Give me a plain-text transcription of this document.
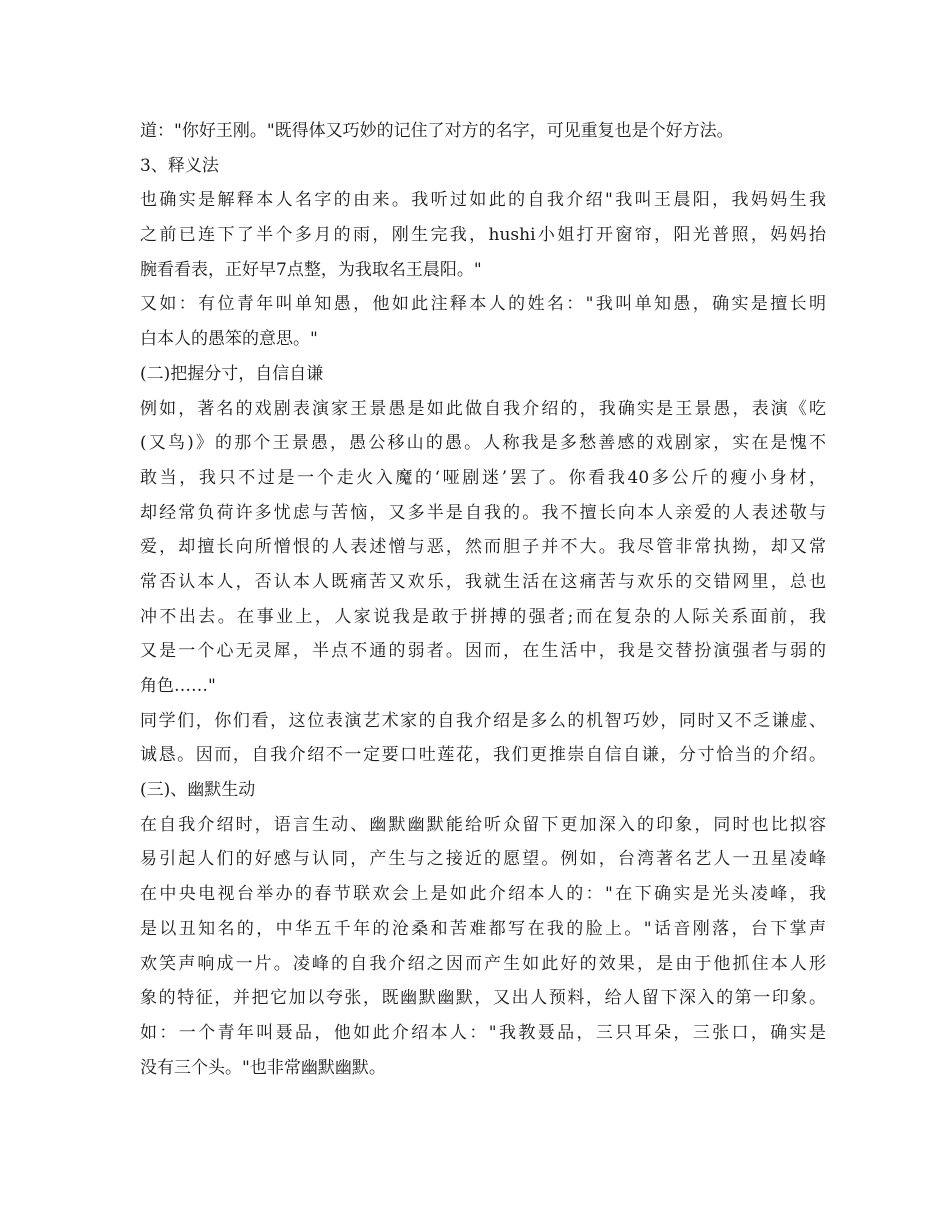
道："你好王刚。"既得体又巧妙的记住了对方的名字，可见重复也是个好方法。
3、释义法
也确实是解释本人名字的由来。我听过如此的自我介绍"我叫王晨阳，我妈妈生我
之前已连下了半个多月的雨，刚生完我，hushi小姐打开窗帘，阳光普照，妈妈抬
腕看看表，正好早7点整，为我取名王晨阳。"
又如：有位青年叫单知愚，他如此注释本人的姓名："我叫单知愚，确实是擅长明
白本人的愚笨的意思。"
(二)把握分寸，自信自谦
例如，著名的戏剧表演家王景愚是如此做自我介绍的，我确实是王景愚，表演《吃
(又鸟)》的那个王景愚，愚公移山的愚。人称我是多愁善感的戏剧家，实在是愧不
敢当，我只不过是一个走火入魔的‘哑剧迷’罢了。你看我40多公斤的瘦小身材，
却经常负荷许多忧虑与苦恼，又多半是自我的。我不擅长向本人亲爱的人表述敬与
爱，却擅长向所憎恨的人表述憎与恶，然而胆子并不大。我尽管非常执拗，却又常
常否认本人，否认本人既痛苦又欢乐，我就生活在这痛苦与欢乐的交错网里，总也
冲不出去。在事业上，人家说我是敢于拼搏的强者;而在复杂的人际关系面前，我
又是一个心无灵犀，半点不通的弱者。因而，在生活中，我是交替扮演强者与弱的
角色……"
同学们，你们看，这位表演艺术家的自我介绍是多么的机智巧妙，同时又不乏谦虚、
诚恳。因而，自我介绍不一定要口吐莲花，我们更推崇自信自谦，分寸恰当的介绍。
(三)、幽默生动
在自我介绍时，语言生动、幽默幽默能给听众留下更加深入的印象，同时也比拟容
易引起人们的好感与认同，产生与之接近的愿望。例如，台湾著名艺人一丑星凌峰
在中央电视台举办的春节联欢会上是如此介绍本人的："在下确实是光头凌峰，我
是以丑知名的，中华五千年的沧桑和苦难都写在我的脸上。"话音刚落，台下掌声
欢笑声响成一片。凌峰的自我介绍之因而产生如此好的效果，是由于他抓住本人形
象的特征，并把它加以夸张，既幽默幽默，又出人预料，给人留下深入的第一印象。
如：一个青年叫聂品，他如此介绍本人："我教聂品，三只耳朵，三张口，确实是
没有三个头。"也非常幽默幽默。
